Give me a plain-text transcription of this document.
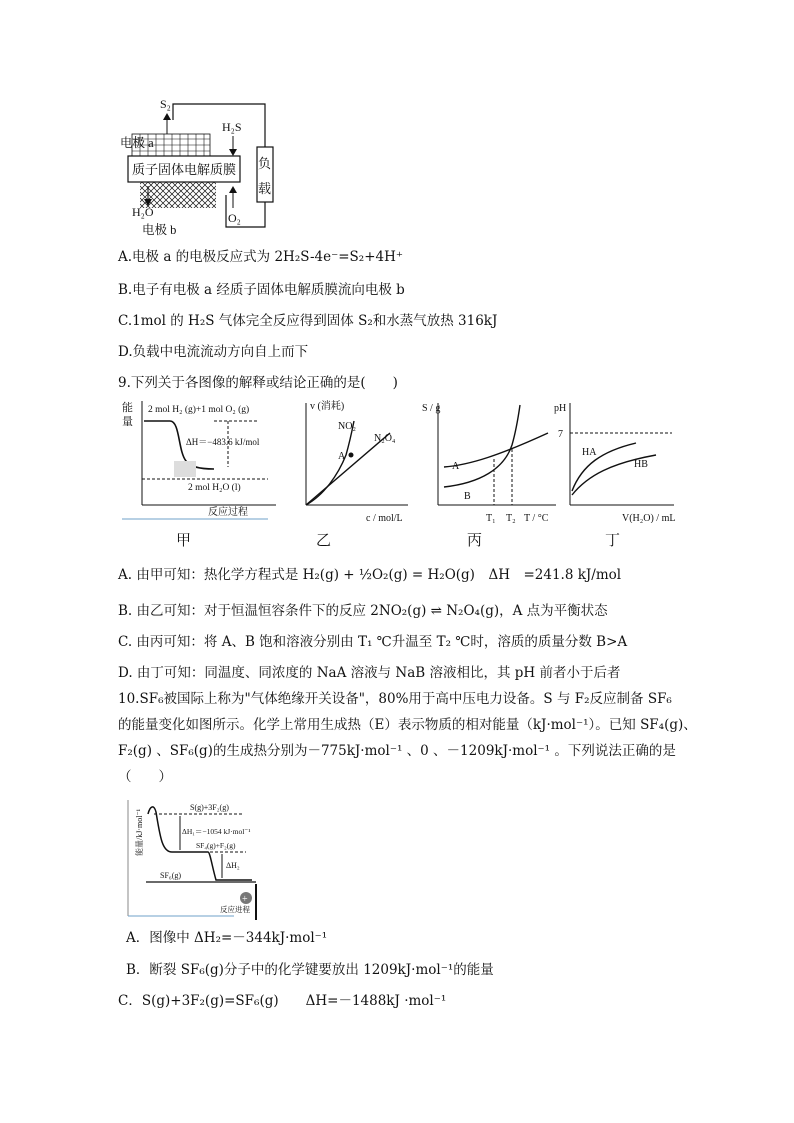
S₂
H₂S
电极 a
质子固体电解质膜 负
载
H₂O	O₂
电极 b
A.电极 a 的电极反应式为 2H₂S-4e⁻=S₂+4H⁺
B.电子有电极 a 经质子固体电解质膜流向电极 b
C.1mol 的 H₂S 气体完全反应得到固体 S₂和水蒸气放热 316kJ
D.负载中电流流动方向自上而下
9.下列关于各图像的解释或结论正确的是(　　)
能
量
2 mol H₂ (g)+1 mol O₂ (g)
ΔH＝−483.6 kJ/mol
2 mol H₂O (l)
反应过程
v (消耗)
A
NO₂
N₂O₄
c / mol/L
S / g
A
B
T₁ T₂ T / °C
pH
7
HA
HB
V(H₂O) / mL
甲	乙	丙	丁
A. 由甲可知：热化学方程式是 H₂(g) + ½O₂(g) = H₂O(g)　ΔH　=241.8 kJ/mol
B. 由乙可知：对于恒温恒容条件下的反应 2NO₂(g) ⇌ N₂O₄(g)，A 点为平衡状态
C. 由丙可知：将 A、B 饱和溶液分别由 T₁ ℃升温至 T₂ ℃时，溶质的质量分数 B>A
D. 由丁可知：同温度、同浓度的 NaA 溶液与 NaB 溶液相比，其 pH 前者小于后者
10.SF₆被国际上称为"气体绝缘开关设备"，80%用于高中压电力设备。S 与 F₂反应制备 SF₆
的能量变化如图所示。化学上常用生成热（E）表示物质的相对能量（kJ·mol⁻¹）。已知 SF₄(g)、
F₂(g) 、SF₆(g)的生成热分别为－775kJ·mol⁻¹ 、0 、－1209kJ·mol⁻¹ 。下列说法正确的是
（　　）
能量/kJ·mol⁻¹
S(g)+3F₂(g)
ΔH₁＝−1054 kJ·mol⁻¹
SF₄(g)+F₂(g)
ΔH₂
SF₆(g)
+
反应进程
A．图像中 ΔH₂=－344kJ·mol⁻¹
B．断裂 SF₆(g)分子中的化学键要放出 1209kJ·mol⁻¹的能量
C．S(g)+3F₂(g)=SF₆(g)　　ΔH=－1488kJ ·mol⁻¹
